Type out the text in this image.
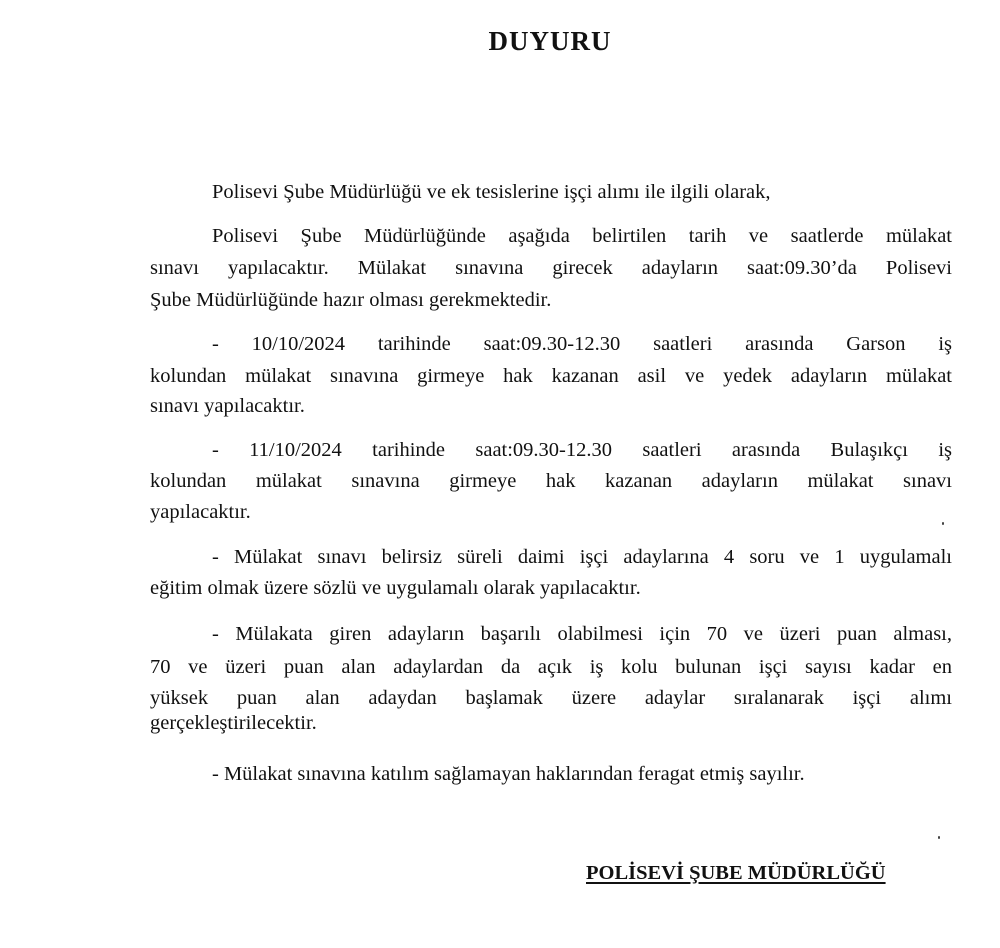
DUYURU
Polisevi Şube Müdürlüğü ve ek tesislerine işçi alımı ile ilgili olarak,
Polisevi Şube Müdürlüğünde aşağıda belirtilen tarih ve saatlerde mülakat
sınavı yapılacaktır. Mülakat sınavına girecek adayların saat:09.30’da Polisevi
Şube Müdürlüğünde hazır olması gerekmektedir.
- 10/10/2024 tarihinde saat:09.30-12.30 saatleri arasında Garson iş
kolundan mülakat sınavına girmeye hak kazanan asil ve yedek adayların mülakat
sınavı yapılacaktır.
- 11/10/2024 tarihinde saat:09.30-12.30 saatleri arasında Bulaşıkçı iş
kolundan mülakat sınavına girmeye hak kazanan adayların mülakat sınavı
yapılacaktır.
- Mülakat sınavı belirsiz süreli daimi işçi adaylarına 4 soru ve 1 uygulamalı
eğitim olmak üzere sözlü ve uygulamalı olarak yapılacaktır.
- Mülakata giren adayların başarılı olabilmesi için 70 ve üzeri puan alması,
70 ve üzeri puan alan adaylardan da açık iş kolu bulunan işçi sayısı kadar en
yüksek puan alan adaydan başlamak üzere adaylar sıralanarak işçi alımı
gerçekleştirilecektir.
- Mülakat sınavına katılım sağlamayan haklarından feragat etmiş sayılır.
POLİSEVİ ŞUBE MÜDÜRLÜĞÜ
